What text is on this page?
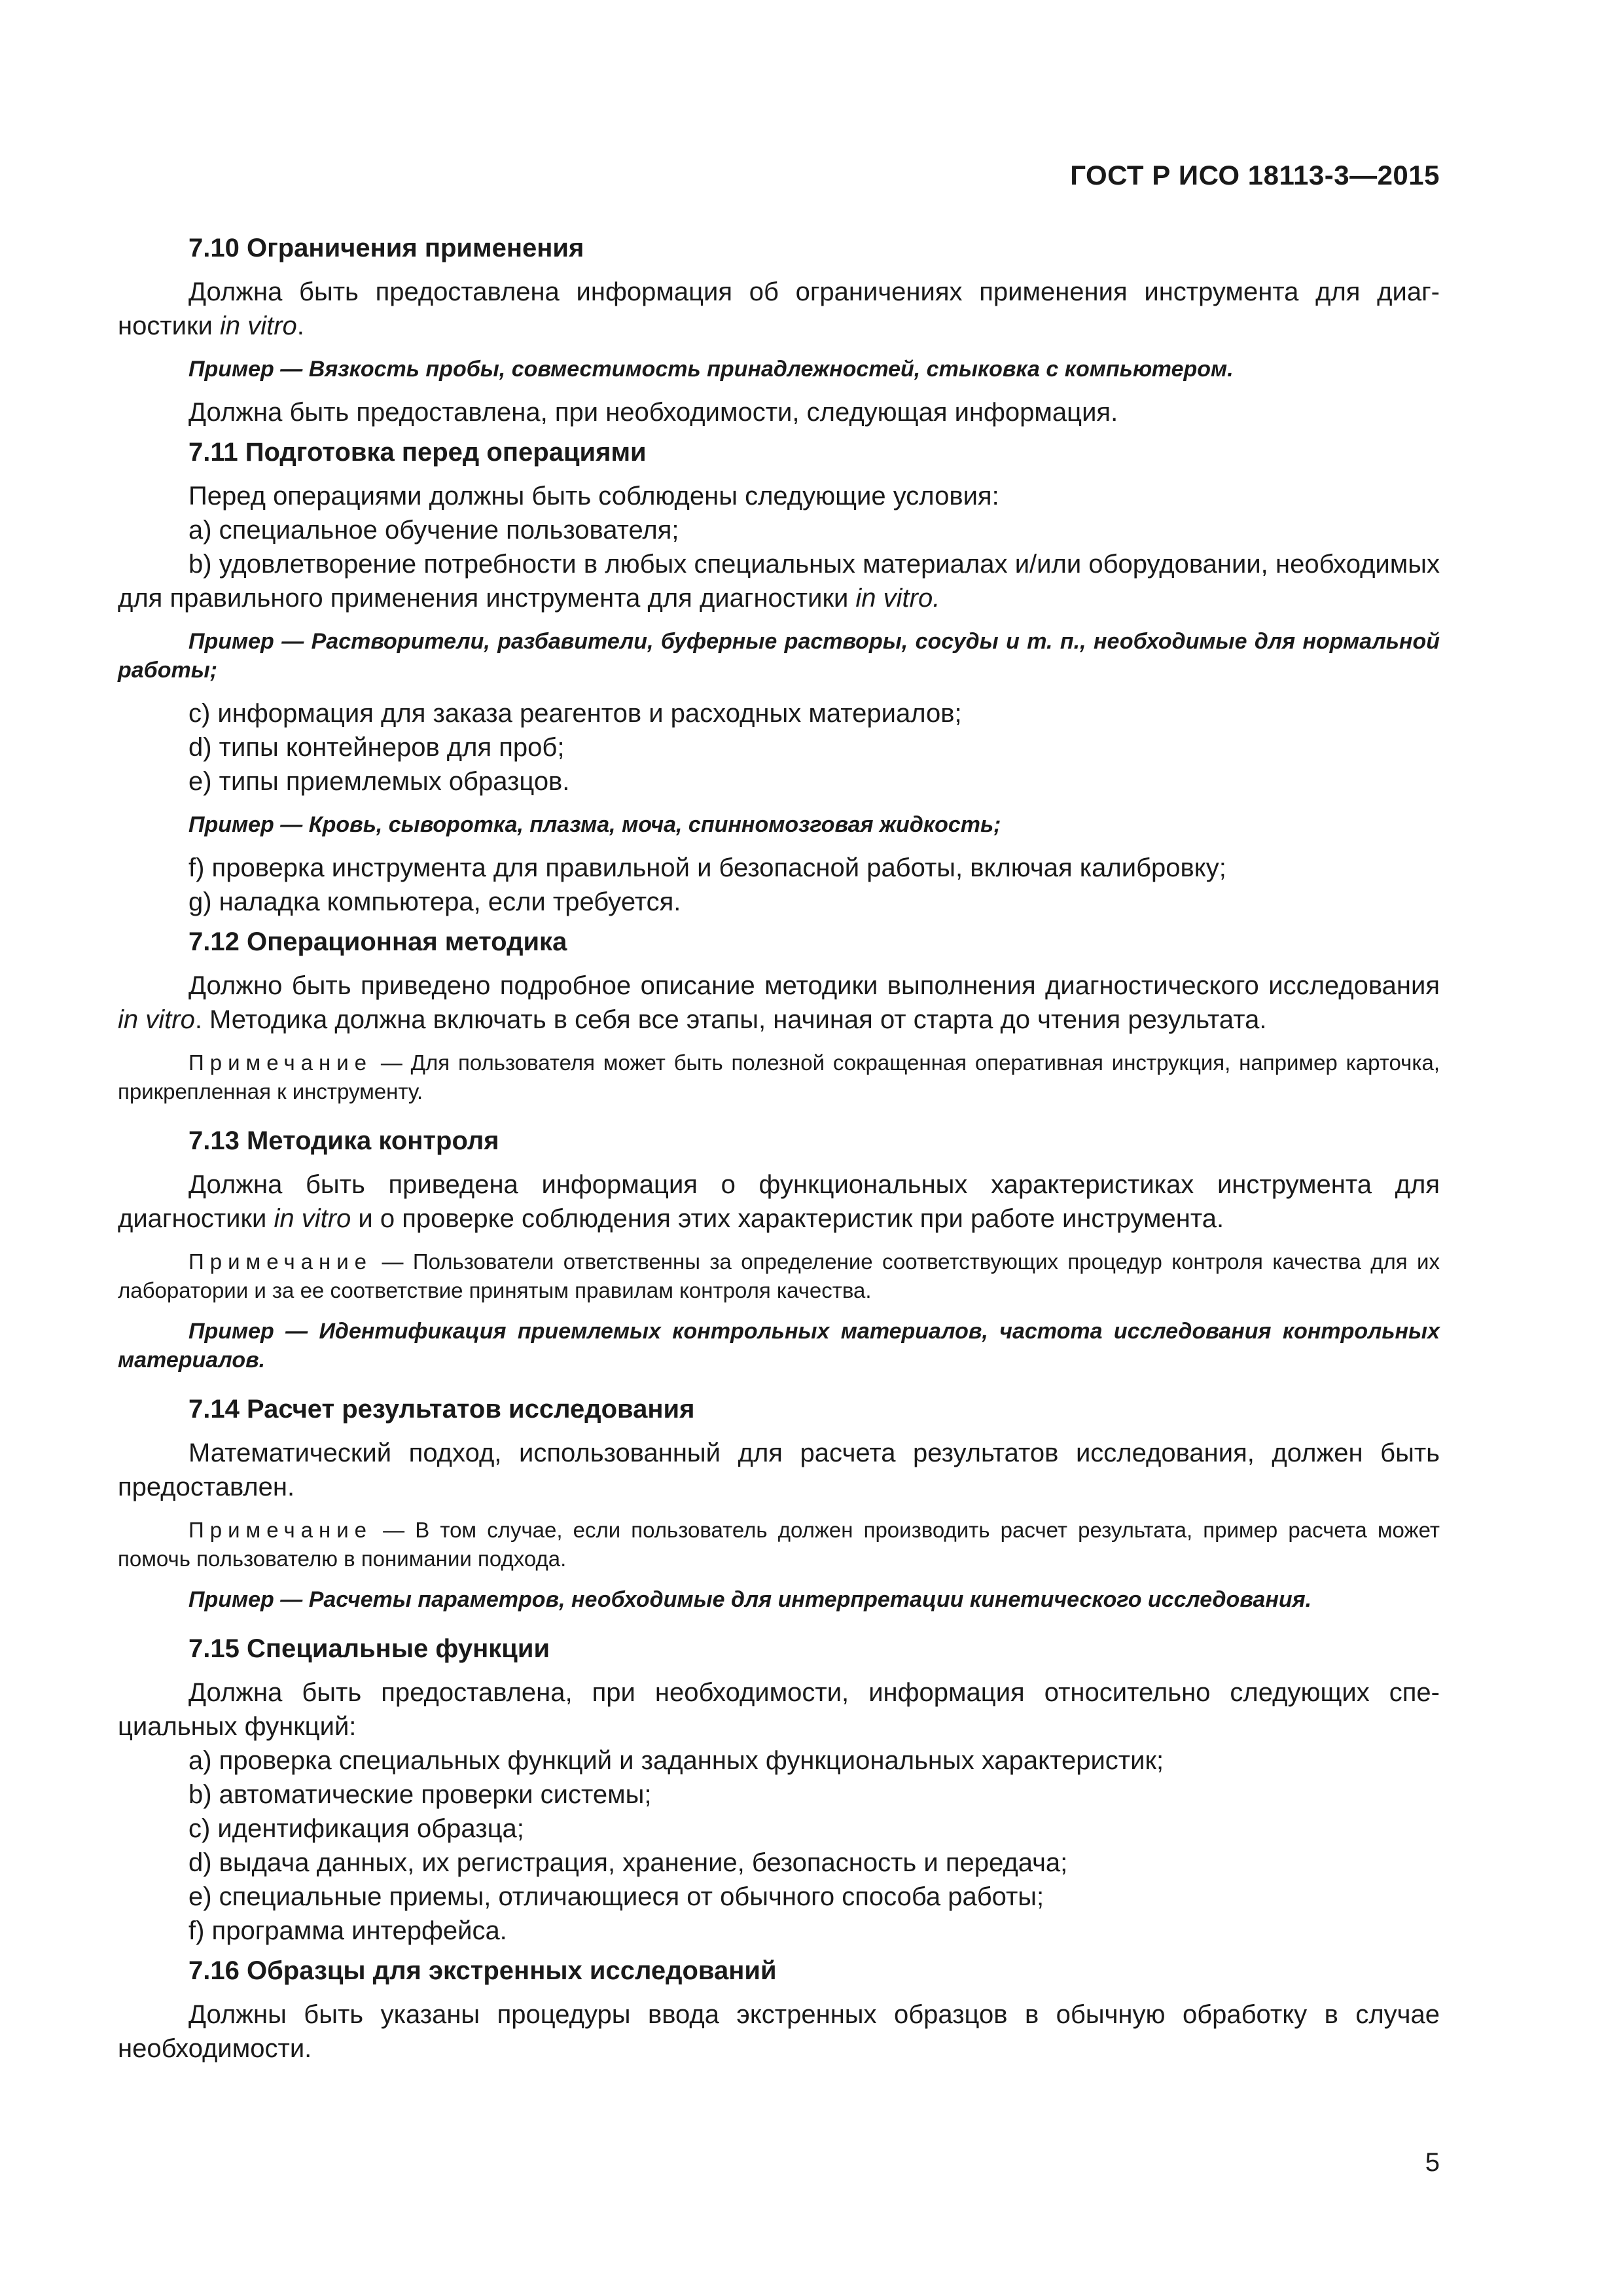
ГОСТ Р ИСО 18113-3—2015
7.10 Ограничения применения

Должна быть предоставлена информация об ограничениях применения инструмента для диагностики in vitro.

Пример — Вязкость пробы, совместимость принадлежностей, стыковка с компьютером.

Должна быть предоставлена, при необходимости, следующая информация.

7.11 Подготовка перед операциями

Перед операциями должны быть соблюдены следующие условия:

a) специальное обучение пользователя;

b) удовлетворение потребности в любых специальных материалах и/или оборудовании, необходимых для правильного применения инструмента для диагностики in vitro.

Пример — Растворители, разбавители, буферные растворы, сосуды и т. п., необходимые для нормальной работы;

c) информация для заказа реагентов и расходных материалов;

d) типы контейнеров для проб;

e) типы приемлемых образцов.

Пример — Кровь, сыворотка, плазма, моча, спинномозговая жидкость;

f) проверка инструмента для правильной и безопасной работы, включая калибровку;

g) наладка компьютера, если требуется.

7.12 Операционная методика

Должно быть приведено подробное описание методики выполнения диагностического исследования in vitro. Методика должна включать в себя все этапы, начиная от старта до чтения результата.

Примечание — Для пользователя может быть полезной сокращенная оперативная инструкция, например карточка, прикрепленная к инструменту.

7.13 Методика контроля

Должна быть приведена информация о функциональных характеристиках инструмента для диагностики in vitro и о проверке соблюдения этих характеристик при работе инструмента.

Примечание — Пользователи ответственны за определение соответствующих процедур контроля качества для их лаборатории и за ее соответствие принятым правилам контроля качества.

Пример — Идентификация приемлемых контрольных материалов, частота исследования контрольных материалов.

7.14 Расчет результатов исследования

Математический подход, использованный для расчета результатов исследования, должен быть предоставлен.

Примечание — В том случае, если пользователь должен производить расчет результата, пример расчета может помочь пользователю в понимании подхода.

Пример — Расчеты параметров, необходимые для интерпретации кинетического исследования.

7.15 Специальные функции

Должна быть предоставлена, при необходимости, информация относительно следующих специальных функций:

a) проверка специальных функций и заданных функциональных характеристик;

b) автоматические проверки системы;

c) идентификация образца;

d) выдача данных, их регистрация, хранение, безопасность и передача;

e) специальные приемы, отличающиеся от обычного способа работы;

f) программа интерфейса.

7.16 Образцы для экстренных исследований

Должны быть указаны процедуры ввода экстренных образцов в обычную обработку в случае необходимости.

5
